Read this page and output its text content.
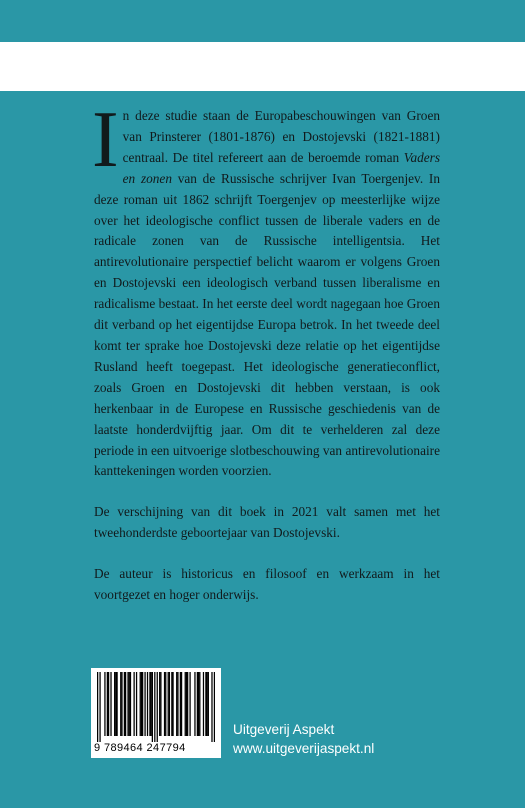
In deze studie staan de Europabeschouwingen van Groen van Prinsterer (1801-1876) en Dostojevski (1821-1881) centraal. De titel refereert aan de beroemde roman Vaders en zonen van de Russische schrijver Ivan Toergenjev. In deze roman uit 1862 schrijft Toergenjev op meesterlijke wijze over het ideologische conflict tussen de liberale vaders en de radicale zonen van de Russische intelligentsia. Het antirevolutionaire perspectief belicht waarom er volgens Groen en Dostojevski een ideologisch verband tussen liberalisme en radicalisme bestaat. In het eerste deel wordt nagegaan hoe Groen dit verband op het eigentijdse Europa betrok. In het tweede deel komt ter sprake hoe Dostojevski deze relatie op het eigentijdse Rusland heeft toegepast. Het ideologische generatieconflict, zoals Groen en Dostojevski dit hebben verstaan, is ook herkenbaar in de Europese en Russische geschiedenis van de laatste honderdvijftig jaar. Om dit te verhelderen zal deze periode in een uitvoerige slotbeschouwing van antirevolutionaire kanttekeningen worden voorzien.

De verschijning van dit boek in 2021 valt samen met het tweehonderdste geboortejaar van Dostojevski.

De auteur is historicus en filosoof en werkzaam in het voortgezet en hoger onderwijs.

9 789464 247794
Uitgeverij Aspekt
www.uitgeverijaspekt.nl
